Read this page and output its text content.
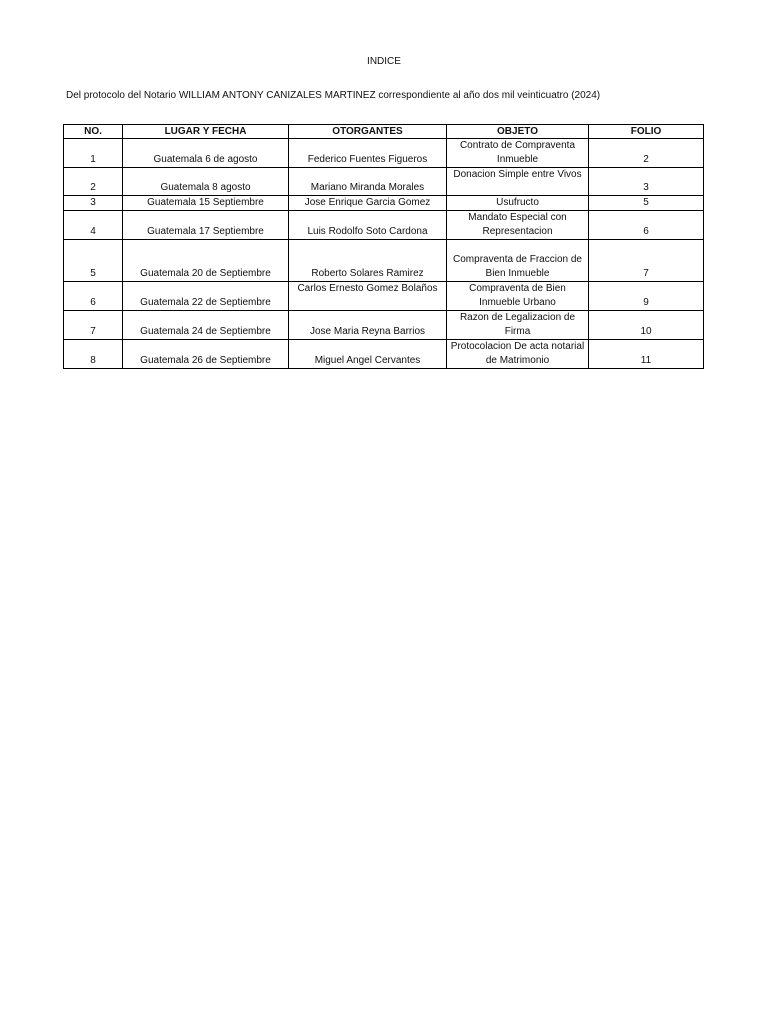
INDICE
Del protocolo del Notario WILLIAM ANTONY CANIZALES MARTINEZ correspondiente al año dos mil veinticuatro (2024)
NO.	LUGAR Y FECHA	OTORGANTES	OBJETO	FOLIO
1	Guatemala 6 de agosto	Federico Fuentes Figueros	Contrato de Compraventa Inmueble	2
2	Guatemala 8 agosto	Mariano Miranda Morales	Donacion Simple entre Vivos	3
3	Guatemala 15 Septiembre	Jose Enrique Garcia Gomez	Usufructo	5
4	Guatemala 17 Septiembre	Luis Rodolfo Soto Cardona	Mandato Especial con Representacion	6
5	Guatemala 20 de Septiembre	Roberto Solares Ramirez	Compraventa de Fraccion de Bien Inmueble	7
6	Guatemala 22 de Septiembre	Carlos Ernesto Gomez Bolaños	Compraventa de Bien Inmueble Urbano	9
7	Guatemala 24 de Septiembre	Jose Maria Reyna Barrios	Razon de Legalizacion de Firma	10
8	Guatemala 26 de Septiembre	Miguel Angel Cervantes	Protocolacion De acta notarial de Matrimonio	11
